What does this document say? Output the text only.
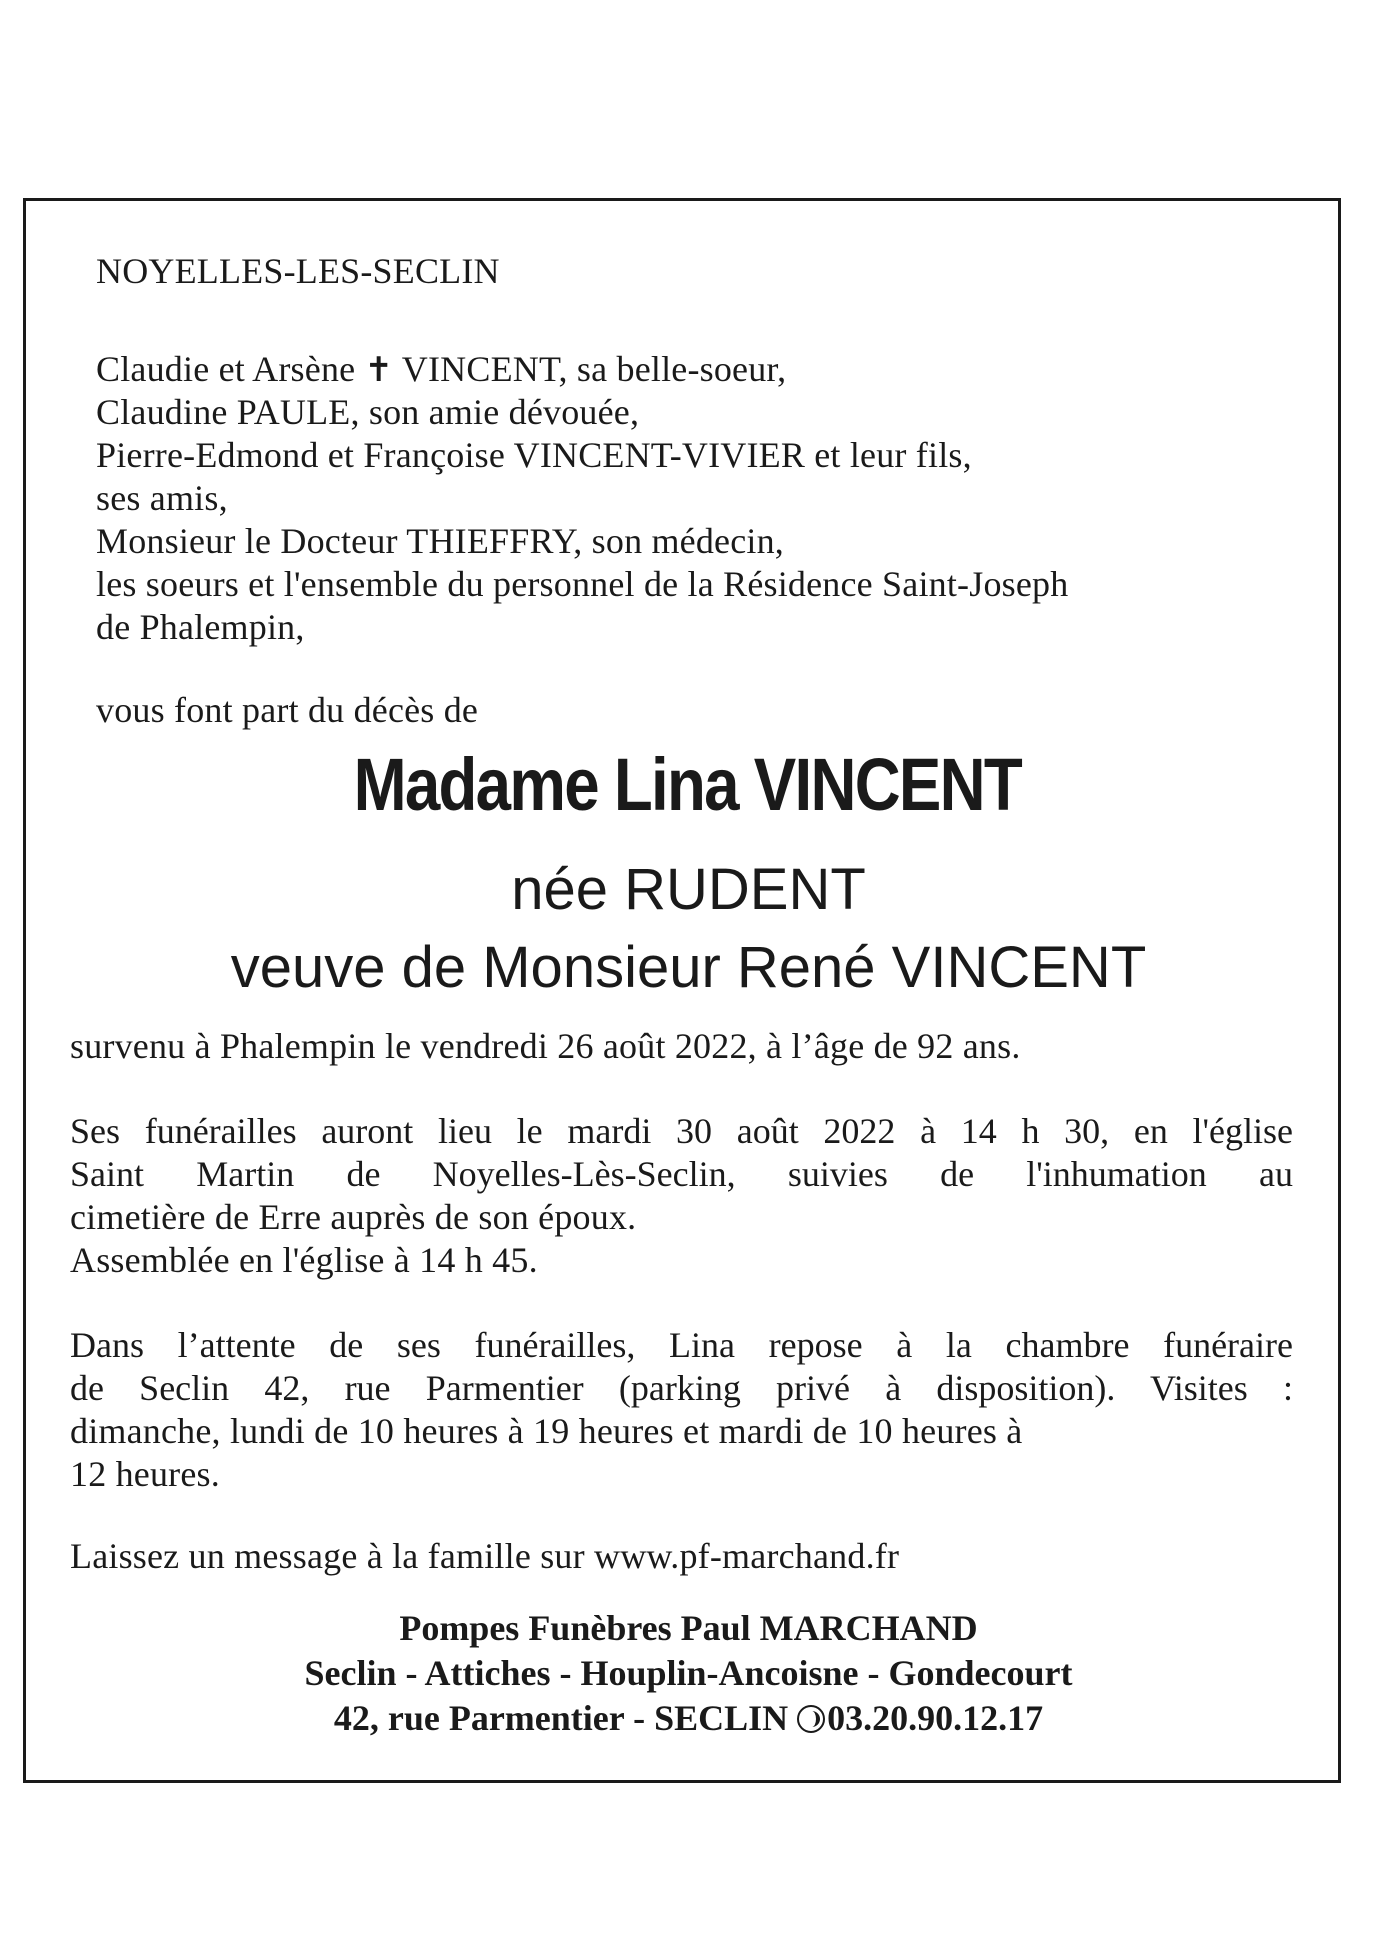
NOYELLES-LES-SECLIN
Claudie et Arsène ✝ VINCENT, sa belle-soeur,
Claudine PAULE, son amie dévouée,
Pierre-Edmond et Françoise VINCENT-VIVIER et leur fils,
ses amis,
Monsieur le Docteur THIEFFRY, son médecin,
les soeurs et l'ensemble du personnel de la Résidence Saint-Joseph
de Phalempin,
vous font part du décès de
Madame Lina VINCENT
née RUDENT
veuve de Monsieur René VINCENT
survenu à Phalempin le vendredi 26 août 2022, à l’âge de 92 ans.
Ses funérailles auront lieu le mardi 30 août 2022 à 14 h 30, en l'église
Saint Martin de Noyelles-Lès-Seclin, suivies de l'inhumation au
cimetière de Erre auprès de son époux.
Assemblée en l'église à 14 h 45.
Dans l’attente de ses funérailles, Lina repose à la chambre funéraire
de Seclin 42, rue Parmentier (parking privé à disposition). Visites :
dimanche, lundi de 10 heures à 19 heures et mardi de 10 heures à
12 heures.
Laissez un message à la famille sur www.pf-marchand.fr
Pompes Funèbres Paul MARCHAND
Seclin - Attiches - Houplin-Ancoisne - Gondecourt
42, rue Parmentier - SECLIN 03.20.90.12.17
